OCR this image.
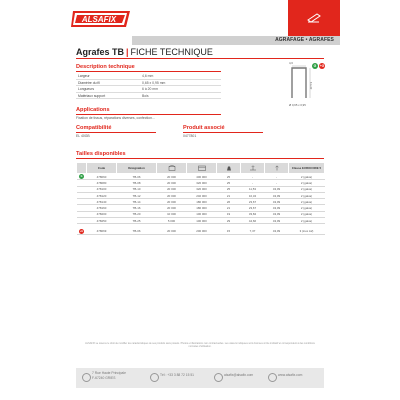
ALSAFIX
AGRAFAGE • AGRAFES
Agrafes TB | FICHE TECHNIQUE
Description technique
Largeur	4,6 mm
Diamètre du fil	0,65 x 0,95 mm
Longueurs	6 à 20 mm
Matériaux support	Bois
4,6
6 à 20
Ø 0,65 x 0,95
G +G
Applications
Fixation de tissus, réparations diverses, confection...
Compatibilité
EL 40GB
Produit associé
0477801
Tailles disponibles
	Code	Désignation						Classe EUROCODE 5
G	478060	TB-06	20 000	400 000	25	-	-	2 (galva)
	478080	TB-08	20 000	320 000	25	-	-	2 (galva)
	478100	TB-10	20 000	320 000	25	11,53	43,09	2 (galva)
	478120	TB-12	20 000	240 000	21	10,34	43,09	2 (galva)
	478140	TB-14	20 000	180 000	26	23,67	43,09	2 (galva)
	478160	TB-16	20 000	180 000	21	23,67	43,09	2 (galva)
	478200	TB-20	10 000	100 000	19	33,84	43,09	2 (galva)
	478250	TB-25	5 000	100 000	29	44,66	43,09	2 (galva)

+G	478069	TB-06	20 000	200 000	15	7,37	43,09	3 (inox A2)
ALSAFIX se réserve le droit de modifier les caractéristiques de ses produits sans préavis. Photos et illustrations non contractuelles. Les valeurs indiquées sont données à titre indicatif et correspondent à des conditions normales d'utilisation.
7 Rue Haute Principale
F-67240 GRIES
Tél : +33 3 88 72 15 51	alsafix@alsafix.com	www.alsafix.com
